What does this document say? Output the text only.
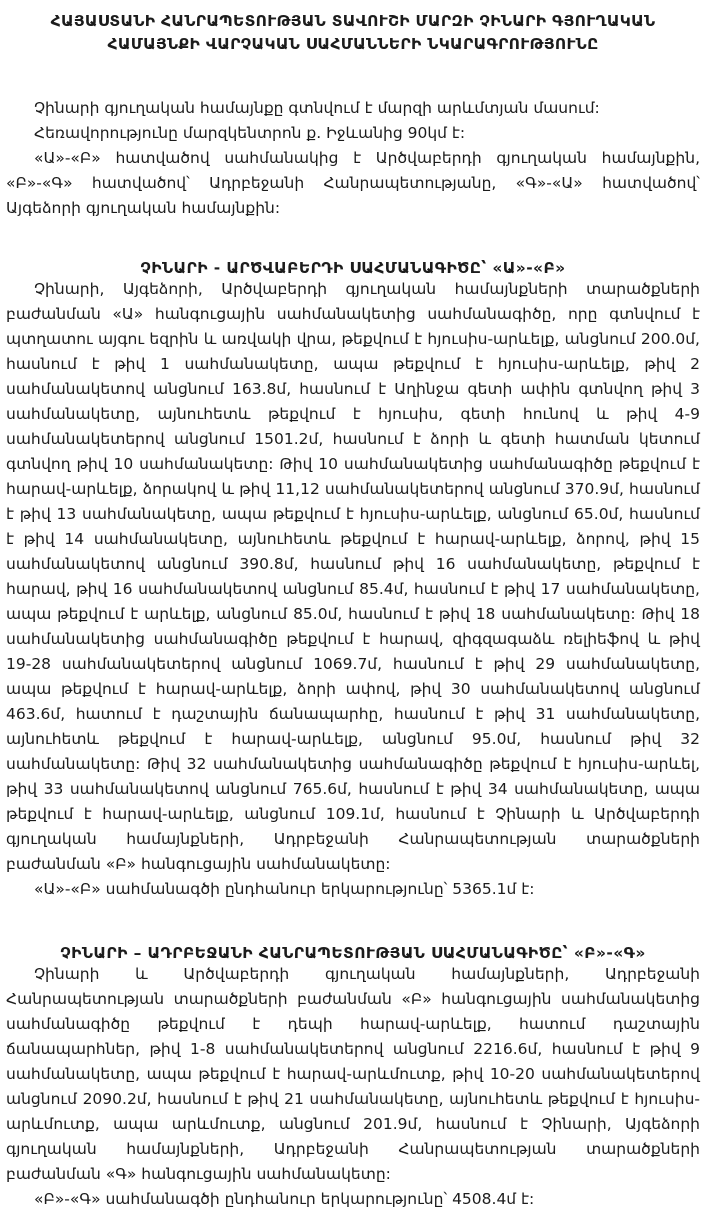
ՀԱՅԱՍՏԱՆԻ ՀԱՆՐԱՊԵՏՈՒԹՅԱՆ ՏԱՎՈՒՇԻ ՄԱՐԶԻ ՉԻՆԱՐԻ ԳՅՈՒՂԱԿԱՆ
ՀԱՄԱՅՆՔԻ ՎԱՐՉԱԿԱՆ ՍԱՀՄԱՆՆԵՐԻ ՆԿԱՐԱԳՐՈՒԹՅՈՒՆԸ

Չինարի գյուղական համայնքը գտնվում է մարզի արևմտյան մասում:

Հեռավորությունը մարզկենտրոն ք. Իջևանից 90կմ է:

«Ա»-«Բ» հատվածով սահմանակից է Արծվաբերդի գյուղական համայնքին, «Բ»-«Գ» հատվածով՝ Ադրբեջանի Հանրապետությանը, «Գ»-«Ա» հատվածով՝ Այգեձորի գյուղական համայնքին:

ՉԻՆԱՐԻ - ԱՐԾՎԱԲԵՐԴԻ ՍԱՀՄԱՆԱԳԻԾԸ՝ «Ա»-«Բ»

Չինարի, Այգեձորի, Արծվաբերդի գյուղական համայնքների տարածքների բաժանման «Ա» հանգուցային սահմանակետից սահմանագիծը, որը գտնվում է պտղատու այգու եզրին և առվակի վրա, թեքվում է հյուսիս-արևելք, անցնում 200.0մ, հասնում է թիվ 1 սահմանակետը, ապա թեքվում է հյուսիս-արևելք, թիվ 2 սահմանակետով անցնում 163.8մ, հասնում է Աղինջա գետի ափին գտնվող թիվ 3 սահմանակետը, այնուհետև թեքվում է հյուսիս, գետի հունով և թիվ 4-9 սահմանակետերով անցնում 1501.2մ, հասնում է ձորի և գետի հատման կետում գտնվող թիվ 10 սահմանակետը: Թիվ 10 սահմանակետից սահմանագիծը թեքվում է հարավ-արևելք, ձորակով և թիվ 11,12 սահմանակետերով անցնում 370.9մ, հասնում է թիվ 13 սահմանակետը, ապա թեքվում է հյուսիս-արևելք, անցնում 65.0մ, հասնում է թիվ 14 սահմանակետը, այնուհետև թեքվում է հարավ-արևելք, ձորով, թիվ 15 սահմանակետով անցնում 390.8մ, հասնում թիվ 16 սահմանակետը, թեքվում է հարավ, թիվ 16 սահմանակետով անցնում 85.4մ, հասնում է թիվ 17 սահմանակետը, ապա թեքվում է արևելք, անցնում 85.0մ, հասնում է թիվ 18 սահմանակետը: Թիվ 18 սահմանակետից սահմանագիծը թեքվում է հարավ, զիգզագաձև ռելիեֆով և թիվ 19-28 սահմանակետերով անցնում 1069.7մ, հասնում է թիվ 29 սահմանակետը, ապա թեքվում է հարավ-արևելք, ձորի ափով, թիվ 30 սահմանակետով անցնում 463.6մ, հատում է դաշտային ճանապարհը, հասնում է թիվ 31 սահմանակետը, այնուհետև թեքվում է հարավ-արևելք, անցնում 95.0մ, հասնում թիվ 32 սահմանակետը: Թիվ 32 սահմանակետից սահմանագիծը թեքվում է հյուսիս-արևել, թիվ 33 սահմանակետով անցնում 765.6մ, հասնում է թիվ 34 սահմանակետը, ապա թեքվում է հարավ-արևելք, անցնում 109.1մ, հասնում է Չինարի և Արծվաբերդի գյուղական համայնքների, Ադրբեջանի Հանրապետության տարածքների բաժանման «Բ» հանգուցային սահմանակետը:

«Ա»-«Բ» սահմանագծի ընդհանուր երկարությունը՝ 5365.1մ է:

ՉԻՆԱՐԻ – ԱԴՐԲԵՋԱՆԻ ՀԱՆՐԱՊԵՏՈՒԹՅԱՆ ՍԱՀՄԱՆԱԳԻԾԸ՝ «Բ»-«Գ»

Չինարի և Արծվաբերդի գյուղական համայնքների, Ադրբեջանի Հանրապետության տարածքների բաժանման «Բ» հանգուցային սահմանակետից սահմանագիծը թեքվում է դեպի հարավ-արևելք, հատում դաշտային ճանապարհներ, թիվ 1-8 սահմանակետերով անցնում 2216.6մ, հասնում է թիվ 9 սահմանակետը, ապա թեքվում է հարավ-արևմուտք, թիվ 10-20 սահմանակետերով անցնում 2090.2մ, հասնում է թիվ 21 սահմանակետը, այնուհետև թեքվում է հյուսիս-արևմուտք, ապա արևմուտք, անցնում 201.9մ, հասնում է Չինարի, Այգեձորի գյուղական համայնքների, Ադրբեջանի Հանրապետության տարածքների բաժանման «Գ» հանգուցային սահմանակետը:

«Բ»-«Գ» սահմանագծի ընդհանուր երկարությունը՝ 4508.4մ է:
